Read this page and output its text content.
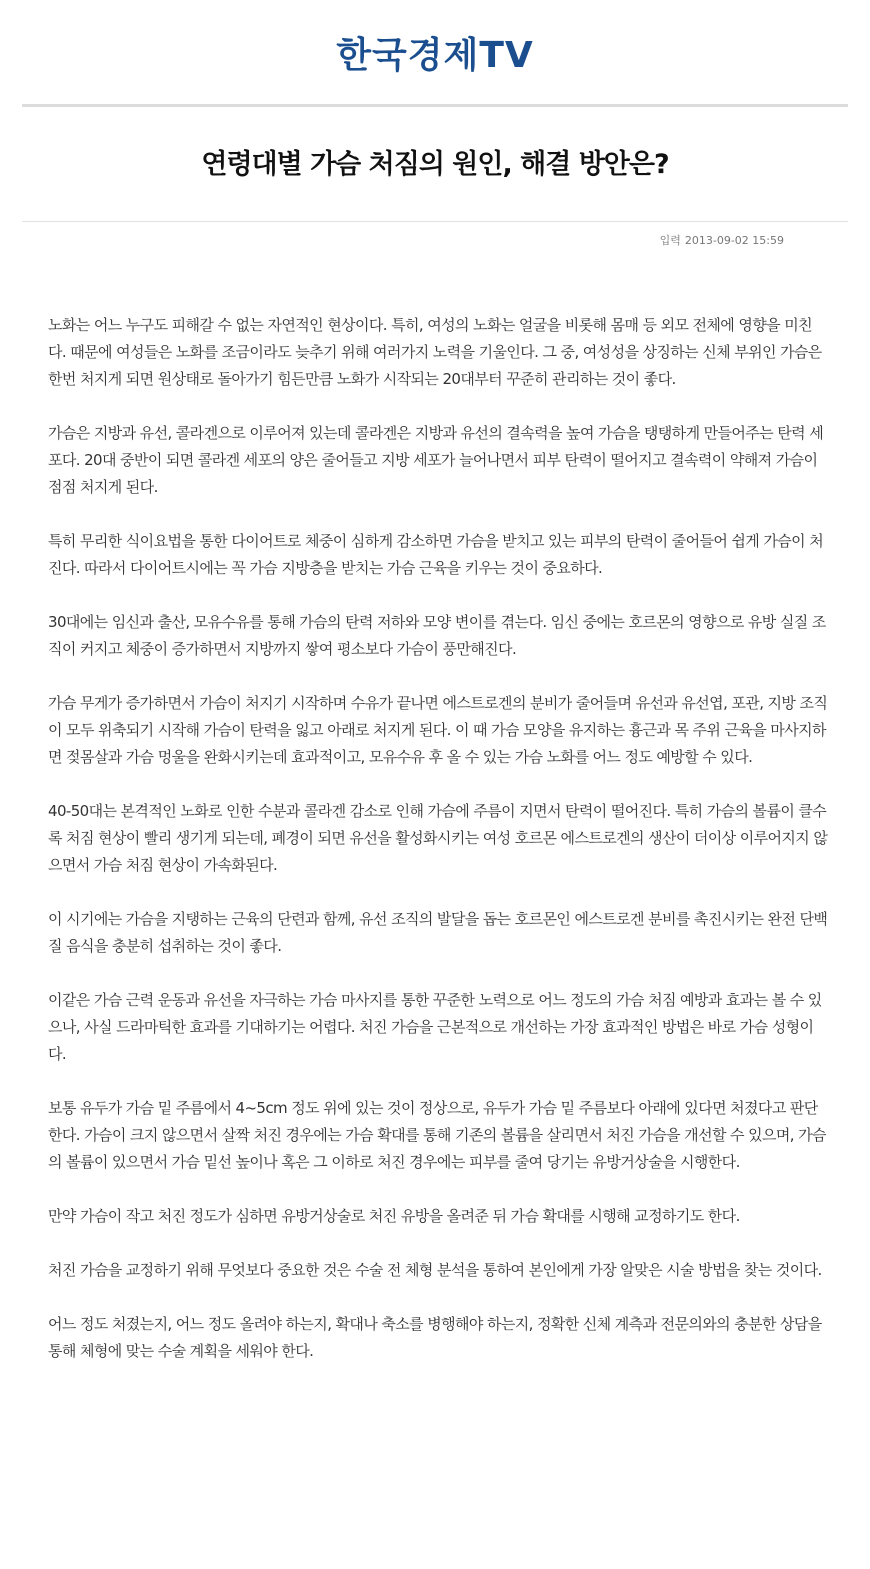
한국경제TV
연령대별 가슴 처짐의 원인, 해결 방안은?
입력 2013-09-02 15:59

노화는 어느 누구도 피해갈 수 없는 자연적인 현상이다. 특히, 여성의 노화는 얼굴을 비롯해 몸매 등 외모 전체에 영향을 미친다. 때문에 여성들은 노화를 조금이라도 늦추기 위해 여러가지 노력을 기울인다. 그 중, 여성성을 상징하는 신체 부위인 가슴은 한번 처지게 되면 원상태로 돌아가기 힘든만큼 노화가 시작되는 20대부터 꾸준히 관리하는 것이 좋다.

가슴은 지방과 유선, 콜라겐으로 이루어져 있는데 콜라겐은 지방과 유선의 결속력을 높여 가슴을 탱탱하게 만들어주는 탄력 세포다. 20대 중반이 되면 콜라겐 세포의 양은 줄어들고 지방 세포가 늘어나면서 피부 탄력이 떨어지고 결속력이 약해져 가슴이 점점 처지게 된다.

특히 무리한 식이요법을 통한 다이어트로 체중이 심하게 감소하면 가슴을 받치고 있는 피부의 탄력이 줄어들어 쉽게 가슴이 처진다. 따라서 다이어트시에는 꼭 가슴 지방층을 받치는 가슴 근육을 키우는 것이 중요하다.

30대에는 임신과 출산, 모유수유를 통해 가슴의 탄력 저하와 모양 변이를 겪는다. 임신 중에는 호르몬의 영향으로 유방 실질 조직이 커지고 체중이 증가하면서 지방까지 쌓여 평소보다 가슴이 풍만해진다.

가슴 무게가 증가하면서 가슴이 처지기 시작하며 수유가 끝나면 에스트로겐의 분비가 줄어들며 유선과 유선엽, 포관, 지방 조직이 모두 위축되기 시작해 가슴이 탄력을 잃고 아래로 처지게 된다. 이 때 가슴 모양을 유지하는 흉근과 목 주위 근육을 마사지하면 젖몸살과 가슴 멍울을 완화시키는데 효과적이고, 모유수유 후 올 수 있는 가슴 노화를 어느 정도 예방할 수 있다.

40-50대는 본격적인 노화로 인한 수분과 콜라겐 감소로 인해 가슴에 주름이 지면서 탄력이 떨어진다. 특히 가슴의 볼륨이 클수록 처짐 현상이 빨리 생기게 되는데, 폐경이 되면 유선을 활성화시키는 여성 호르몬 에스트로겐의 생산이 더이상 이루어지지 않으면서 가슴 처짐 현상이 가속화된다.

이 시기에는 가슴을 지탱하는 근육의 단련과 함께, 유선 조직의 발달을 돕는 호르몬인 에스트로겐 분비를 촉진시키는 완전 단백질 음식을 충분히 섭취하는 것이 좋다.

이같은 가슴 근력 운동과 유선을 자극하는 가슴 마사지를 통한 꾸준한 노력으로 어느 정도의 가슴 처짐 예방과 효과는 볼 수 있으나, 사실 드라마틱한 효과를 기대하기는 어렵다. 처진 가슴을 근본적으로 개선하는 가장 효과적인 방법은 바로 가슴 성형이다.

보통 유두가 가슴 밑 주름에서 4~5cm 정도 위에 있는 것이 정상으로, 유두가 가슴 밑 주름보다 아래에 있다면 처졌다고 판단한다. 가슴이 크지 않으면서 살짝 처진 경우에는 가슴 확대를 통해 기존의 볼륨을 살리면서 처진 가슴을 개선할 수 있으며, 가슴의 볼륨이 있으면서 가슴 밑선 높이나 혹은 그 이하로 처진 경우에는 피부를 줄여 당기는 유방거상술을 시행한다.

만약 가슴이 작고 처진 정도가 심하면 유방거상술로 처진 유방을 올려준 뒤 가슴 확대를 시행해 교정하기도 한다.

처진 가슴을 교정하기 위해 무엇보다 중요한 것은 수술 전 체형 분석을 통하여 본인에게 가장 알맞은 시술 방법을 찾는 것이다.

어느 정도 처졌는지, 어느 정도 올려야 하는지, 확대나 축소를 병행해야 하는지, 정확한 신체 계측과 전문의와의 충분한 상담을 통해 체형에 맞는 수술 계획을 세워야 한다.
